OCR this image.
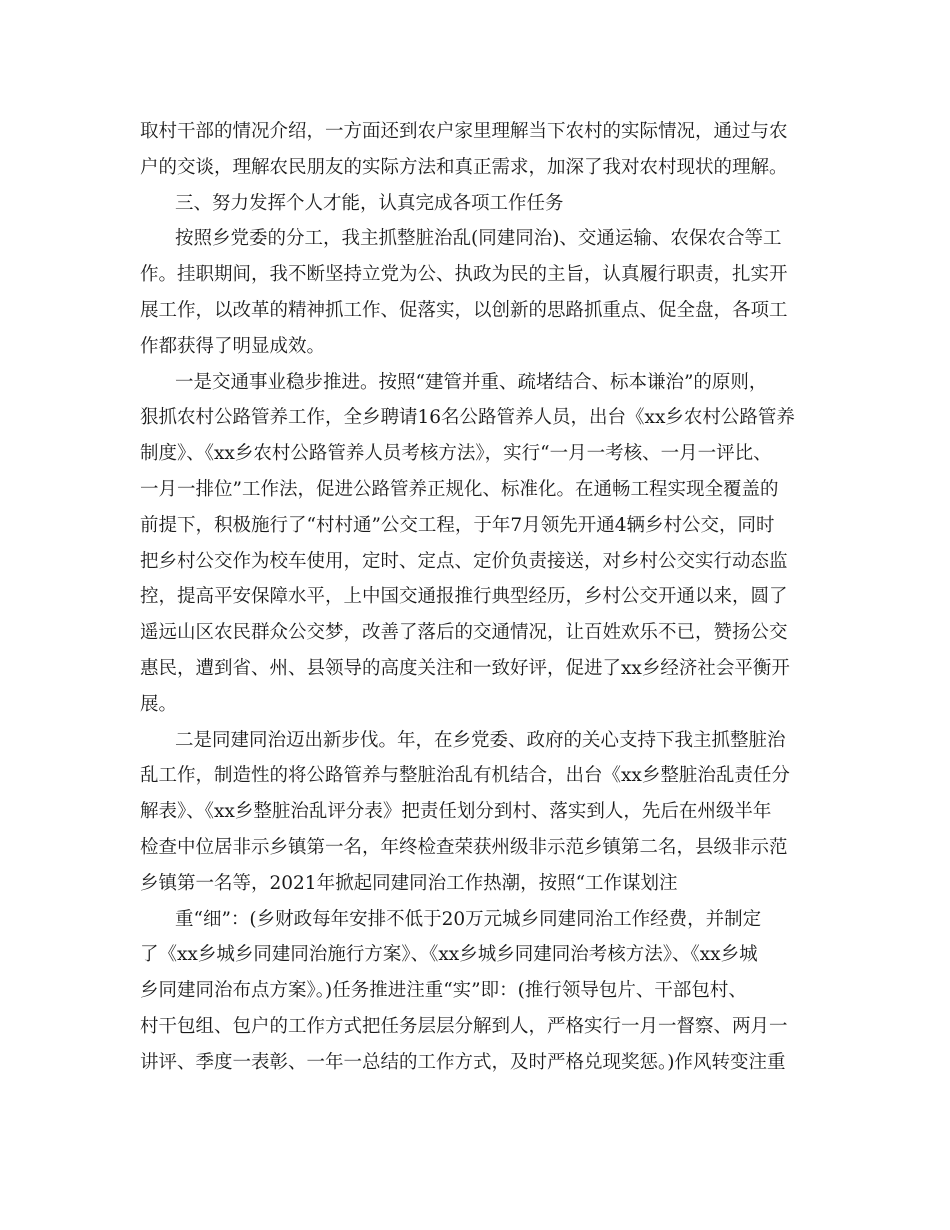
取村干部的情况介绍，一方面还到农户家里理解当下农村的实际情况，通过与农
户的交谈，理解农民朋友的实际方法和真正需求，加深了我对农村现状的理解。
三、努力发挥个人才能，认真完成各项工作任务
按照乡党委的分工，我主抓整脏治乱(同建同治)、交通运输、农保农合等工
作。挂职期间，我不断坚持立党为公、执政为民的主旨，认真履行职责，扎实开
展工作，以改革的精神抓工作、促落实，以创新的思路抓重点、促全盘，各项工
作都获得了明显成效。
一是交通事业稳步推进。按照“建管并重、疏堵结合、标本谦治”的原则，
狠抓农村公路管养工作，全乡聘请16名公路管养人员，出台《xx乡农村公路管养
制度》、《xx乡农村公路管养人员考核方法》，实行“一月一考核、一月一评比、
一月一排位”工作法，促进公路管养正规化、标准化。在通畅工程实现全覆盖的
前提下，积极施行了“村村通”公交工程，于年7月领先开通4辆乡村公交，同时
把乡村公交作为校车使用，定时、定点、定价负责接送，对乡村公交实行动态监
控，提高平安保障水平，上中国交通报推行典型经历，乡村公交开通以来，圆了
遥远山区农民群众公交梦，改善了落后的交通情况，让百姓欢乐不已，赞扬公交
惠民，遭到省、州、县领导的高度关注和一致好评，促进了xx乡经济社会平衡开
展。
二是同建同治迈出新步伐。年，在乡党委、政府的关心支持下我主抓整脏治
乱工作，制造性的将公路管养与整脏治乱有机结合，出台《xx乡整脏治乱责任分
解表》、《xx乡整脏治乱评分表》把责任划分到村、落实到人，先后在州级半年
检查中位居非示乡镇第一名，年终检查荣获州级非示范乡镇第二名，县级非示范
乡镇第一名等，2021年掀起同建同治工作热潮，按照“工作谋划注
重“细”：(乡财政每年安排不低于20万元城乡同建同治工作经费，并制定
了《xx乡城乡同建同治施行方案》、《xx乡城乡同建同治考核方法》、《xx乡城
乡同建同治布点方案》。)任务推进注重“实”即：(推行领导包片、干部包村、
村干包组、包户的工作方式把任务层层分解到人，严格实行一月一督察、两月一
讲评、季度一表彰、一年一总结的工作方式，及时严格兑现奖惩。)作风转变注重
